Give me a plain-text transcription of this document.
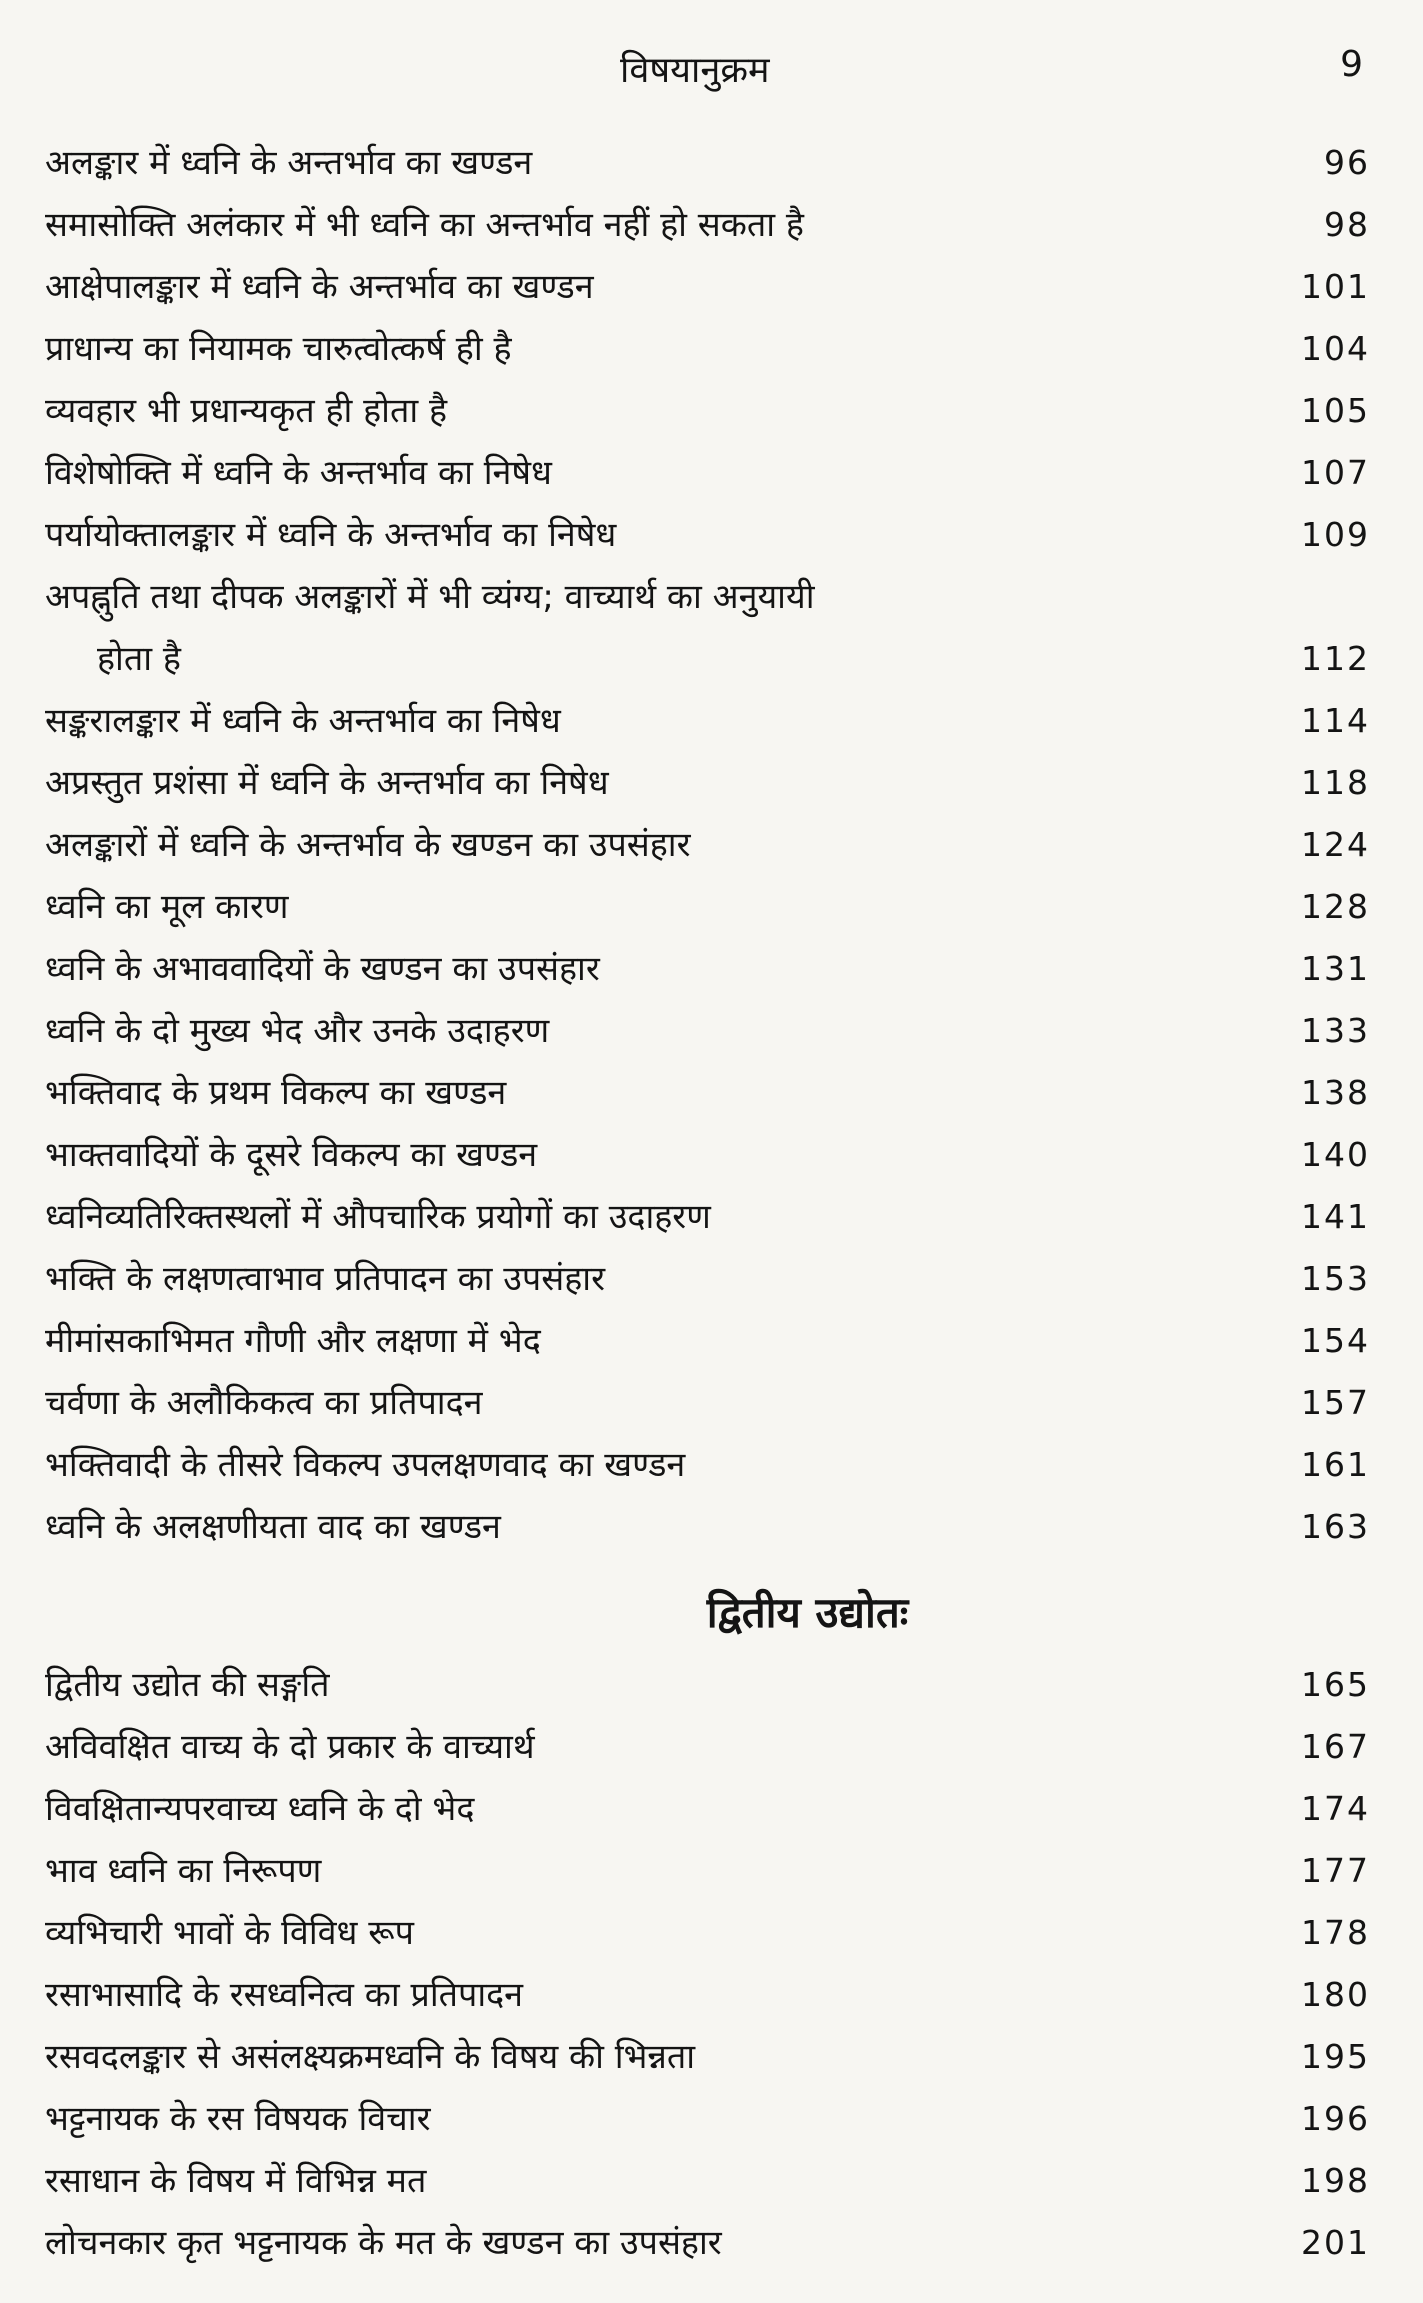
विषयानुक्रम	9
अलङ्कार में ध्वनि के अन्तर्भाव का खण्डन	96
समासोक्ति अलंकार में भी ध्वनि का अन्तर्भाव नहीं हो सकता है	98
आक्षेपालङ्कार में ध्वनि के अन्तर्भाव का खण्डन	101
प्राधान्य का नियामक चारुत्वोत्कर्ष ही है	104
व्यवहार भी प्रधान्यकृत ही होता है	105
विशेषोक्ति में ध्वनि के अन्तर्भाव का निषेध	107
पर्यायोक्तालङ्कार में ध्वनि के अन्तर्भाव का निषेध	109
अपह्नुति तथा दीपक अलङ्कारों में भी व्यंग्य; वाच्यार्थ का अनुयायी
होता है	112
सङ्करालङ्कार में ध्वनि के अन्तर्भाव का निषेध	114
अप्रस्तुत प्रशंसा में ध्वनि के अन्तर्भाव का निषेध	118
अलङ्कारों में ध्वनि के अन्तर्भाव के खण्डन का उपसंहार	124
ध्वनि का मूल कारण	128
ध्वनि के अभाववादियों के खण्डन का उपसंहार	131
ध्वनि के दो मुख्य भेद और उनके उदाहरण	133
भक्तिवाद के प्रथम विकल्प का खण्डन	138
भाक्तवादियों के दूसरे विकल्प का खण्डन	140
ध्वनिव्यतिरिक्तस्थलों में औपचारिक प्रयोगों का उदाहरण	141
भक्ति के लक्षणत्वाभाव प्रतिपादन का उपसंहार	153
मीमांसकाभिमत गौणी और लक्षणा में भेद	154
चर्वणा के अलौकिकत्व का प्रतिपादन	157
भक्तिवादी के तीसरे विकल्प उपलक्षणवाद का खण्डन	161
ध्वनि के अलक्षणीयता वाद का खण्डन	163
द्वितीय उद्योतः
द्वितीय उद्योत की सङ्गति	165
अविवक्षित वाच्य के दो प्रकार के वाच्यार्थ	167
विवक्षितान्यपरवाच्य ध्वनि के दो भेद	174
भाव ध्वनि का निरूपण	177
व्यभिचारी भावों के विविध रूप	178
रसाभासादि के रसध्वनित्व का प्रतिपादन	180
रसवदलङ्कार से असंलक्ष्यक्रमध्वनि के विषय की भिन्नता	195
भट्टनायक के रस विषयक विचार	196
रसाधान के विषय में विभिन्न मत	198
लोचनकार कृत भट्टनायक के मत के खण्डन का उपसंहार	201
